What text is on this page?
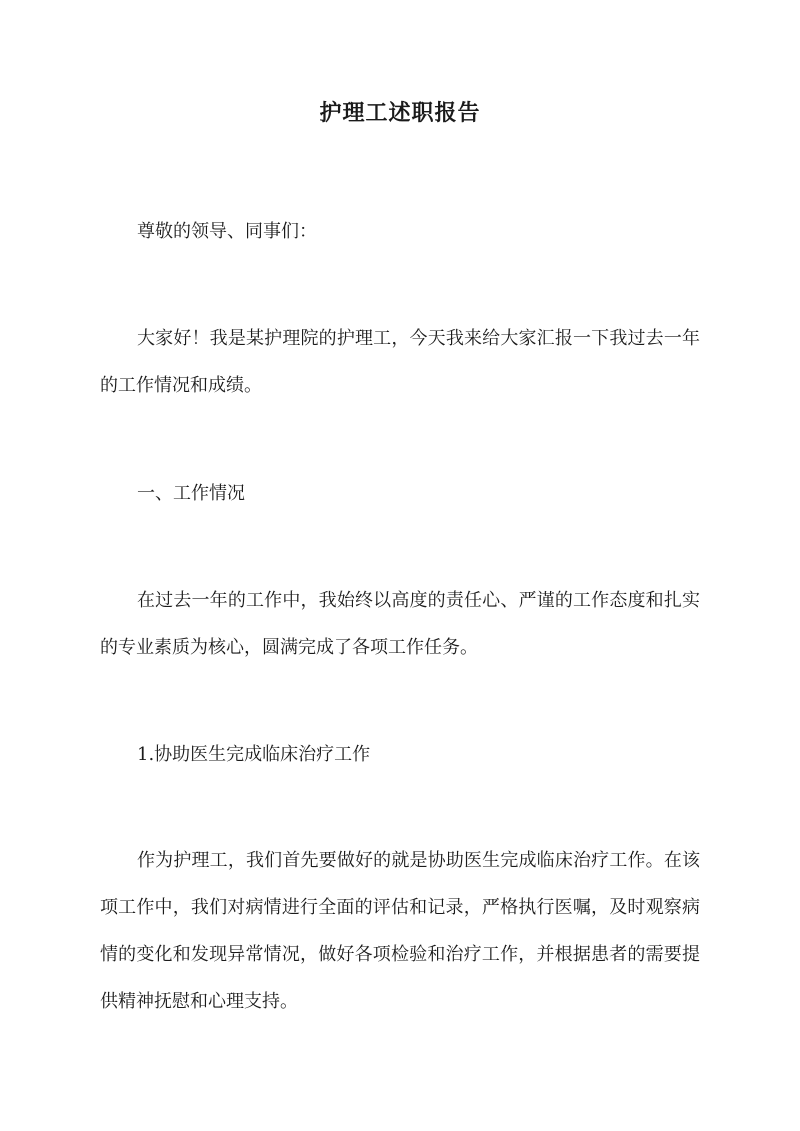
护理工述职报告

尊敬的领导、同事们：

大家好！我是某护理院的护理工，今天我来给大家汇报一下我过去一年的工作情况和成绩。

一、工作情况

在过去一年的工作中，我始终以高度的责任心、严谨的工作态度和扎实的专业素质为核心，圆满完成了各项工作任务。

1.协助医生完成临床治疗工作

作为护理工，我们首先要做好的就是协助医生完成临床治疗工作。在该项工作中，我们对病情进行全面的评估和记录，严格执行医嘱，及时观察病情的变化和发现异常情况，做好各项检验和治疗工作，并根据患者的需要提供精神抚慰和心理支持。
